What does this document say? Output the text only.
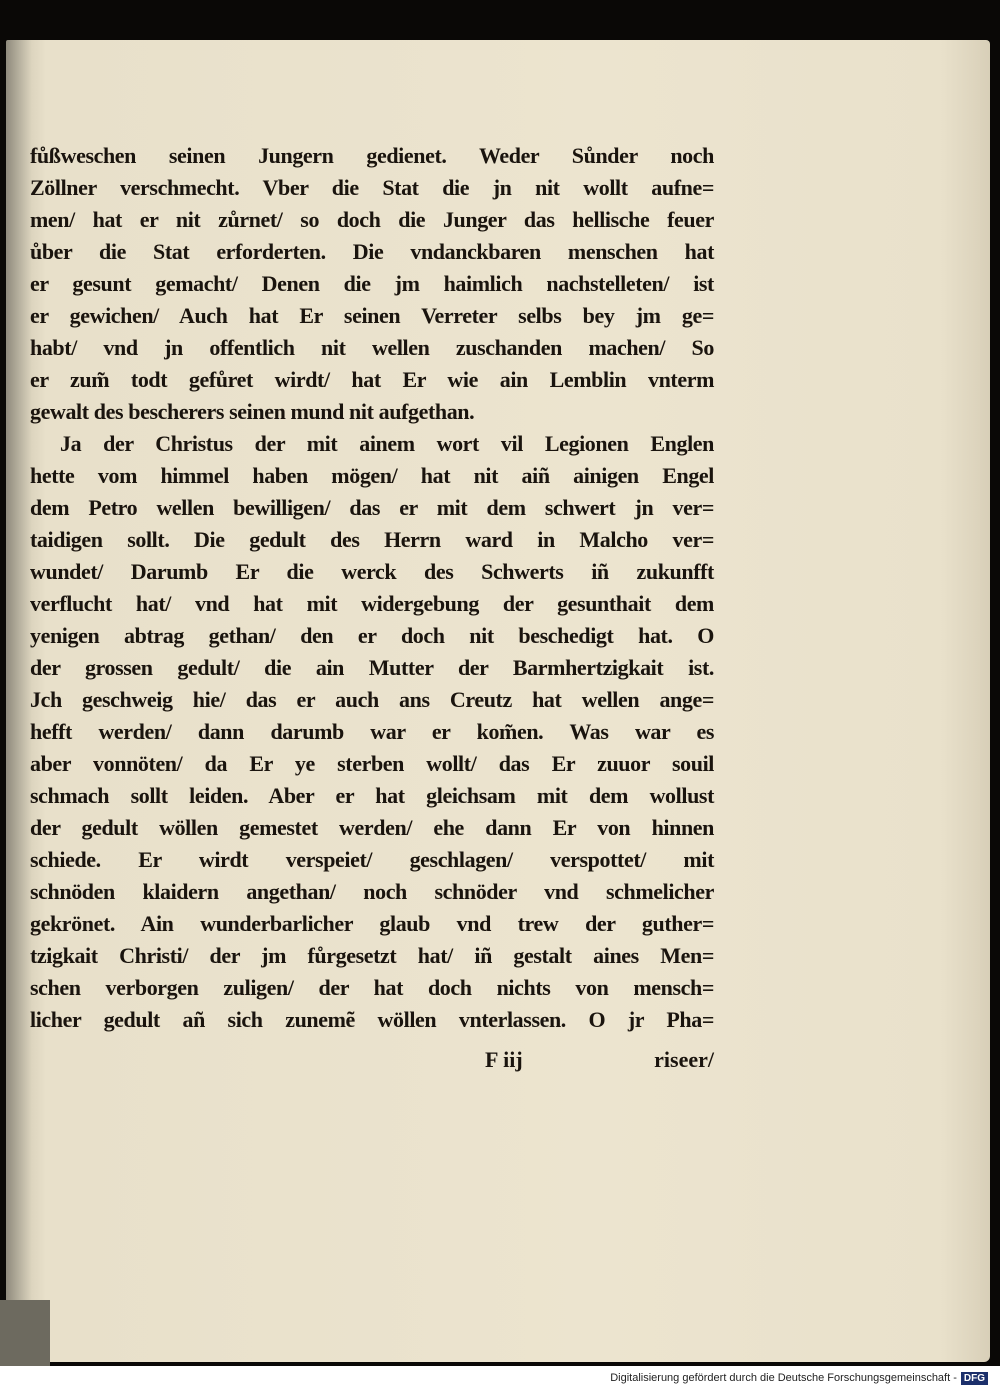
fůßweschen seinen Jungern gedienet. Weder Sůnder noch
Zöllner verschmecht. Vber die Stat die jn nit wollt aufne=
men/ hat er nit zůrnet/ so doch die Junger das hellische feuer
ůber die Stat erforderten. Die vndanckbaren menschen hat
er gesunt gemacht/ Denen die jm haimlich nachstelleten/ ist
er gewichen/ Auch hat Er seinen Verreter selbs bey jm ge=
habt/ vnd jn offentlich nit wellen zuschanden machen/ So
er zum̃ todt gefůret wirdt/ hat Er wie ain Lemblin vnterm
gewalt des bescherers seinen mund nit aufgethan.
Ja der Christus der mit ainem wort vil Legionen Englen
hette vom himmel haben mögen/ hat nit aiñ ainigen Engel
dem Petro wellen bewilligen/ das er mit dem schwert jn ver=
taidigen sollt. Die gedult des Herrn ward in Malcho ver=
wundet/ Darumb Er die werck des Schwerts iñ zukunfft
verflucht hat/ vnd hat mit widergebung der gesunthait dem
yenigen abtrag gethan/ den er doch nit beschedigt hat. O
der grossen gedult/ die ain Mutter der Barmhertzigkait ist.
Jch geschweig hie/ das er auch ans Creutz hat wellen ange=
hefft werden/ dann darumb war er kom̃en. Was war es
aber vonnöten/ da Er ye sterben wollt/ das Er zuuor souil
schmach sollt leiden. Aber er hat gleichsam mit dem wollust
der gedult wöllen gemestet werden/ ehe dann Er von hinnen
schiede. Er wirdt verspeiet/ geschlagen/ verspottet/ mit
schnöden klaidern angethan/ noch schnöder vnd schmelicher
gekrönet. Ain wunderbarlicher glaub vnd trew der guther=
tzigkait Christi/ der jm fůrgesetzt hat/ iñ gestalt aines Men=
schen verborgen zuligen/ der hat doch nichts von mensch=
licher gedult añ sich zunemẽ wöllen vnterlassen. O jr Pha=
F iij	riseer/
Digitalisierung gefördert durch die Deutsche Forschungsgemeinschaft - DFG
